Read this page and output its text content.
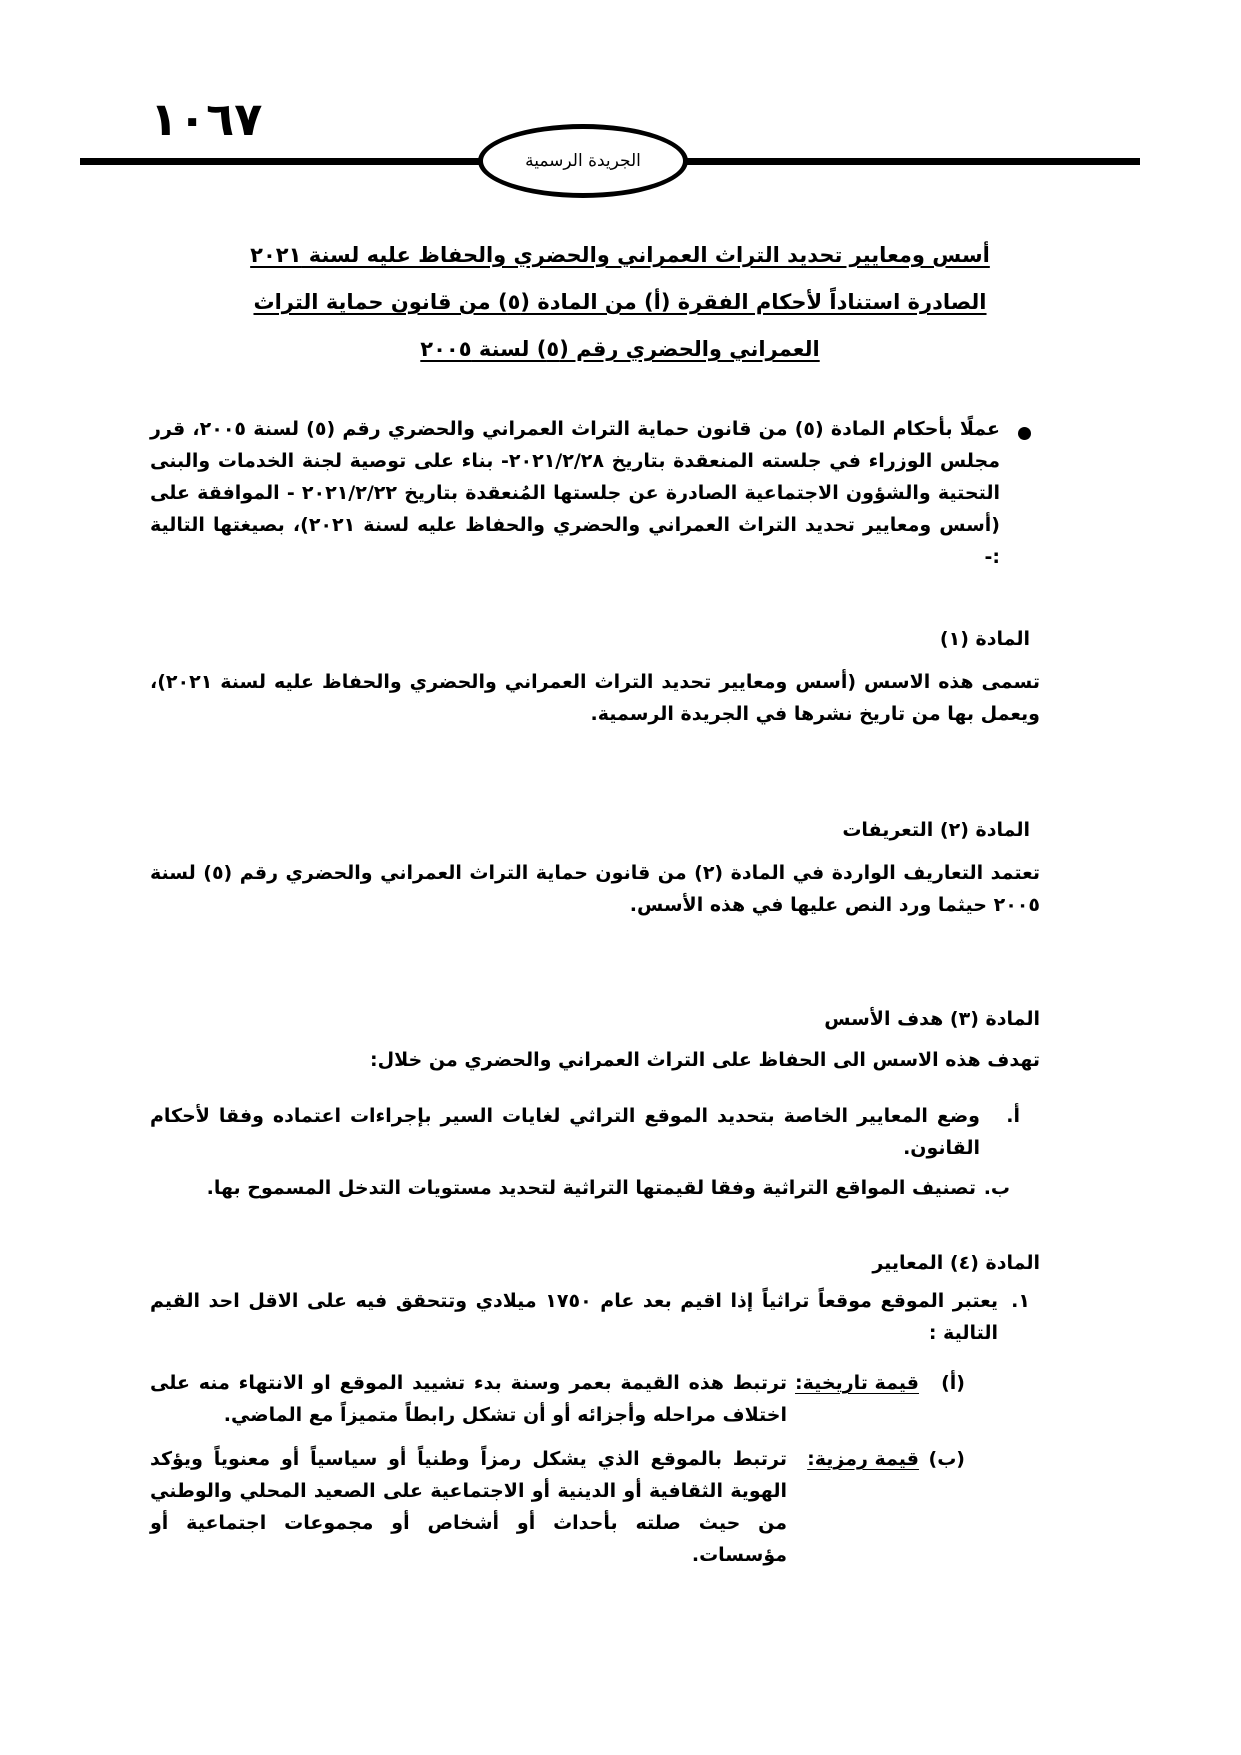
١٠٦٧
الجريدة الرسمية
أسس ومعايير تحديد التراث العمراني والحضري والحفاظ عليه لسنة ٢٠٢١
الصادرة استناداً لأحكام الفقرة (أ) من المادة (٥) من قانون حماية التراث
العمراني والحضري رقم (٥) لسنة ٢٠٠٥
عملًا بأحكام المادة (٥) من قانون حماية التراث العمراني والحضري رقم (٥) لسنة ٢٠٠٥، قرر مجلس الوزراء في جلسته المنعقدة بتاريخ ٢٠٢١/٢/٢٨- بناء على توصية لجنة الخدمات والبنى التحتية والشؤون الاجتماعية الصادرة عن جلستها المُنعقدة بتاريخ ٢٠٢١/٢/٢٢ - الموافقة على (أسس ومعايير تحديد التراث العمراني والحضري والحفاظ عليه لسنة ٢٠٢١)، بصيغتها التالية :-
المادة (١)
تسمى هذه الاسس (أسس ومعايير تحديد التراث العمراني والحضري والحفاظ عليه لسنة ٢٠٢١)، ويعمل بها من تاريخ نشرها في الجريدة الرسمية.
المادة (٢) التعريفات
تعتمد التعاريف الواردة في المادة (٢) من قانون حماية التراث العمراني والحضري رقم (٥) لسنة ٢٠٠٥ حيثما ورد النص عليها في هذه الأسس.
المادة (٣) هدف الأسس
تهدف هذه الاسس الى الحفاظ على التراث العمراني والحضري من خلال:
أ.
وضع المعايير الخاصة بتحديد الموقع التراثي لغايات السير بإجراءات اعتماده وفقا لأحكام القانون.
ب.
تصنيف المواقع التراثية وفقا لقيمتها التراثية لتحديد مستويات التدخل المسموح بها.
المادة (٤) المعايير
١.
يعتبر الموقع موقعاً تراثياً إذا اقيم بعد عام ١٧٥٠ ميلادي وتتحقق فيه على الاقل احد القيم التالية :
(أ)
قيمة تاريخية:
ترتبط هذه القيمة بعمر وسنة بدء تشييد الموقع او الانتهاء منه على اختلاف مراحله وأجزائه أو أن تشكل رابطاً متميزاً مع الماضي.
(ب)
قيمة رمزية:
ترتبط بالموقع الذي يشكل رمزاً وطنياً أو سياسياً أو معنوياً ويؤكد الهوية الثقافية أو الدينية أو الاجتماعية على الصعيد المحلي والوطني من حيث صلته بأحداث أو أشخاص أو مجموعات اجتماعية أو مؤسسات.
